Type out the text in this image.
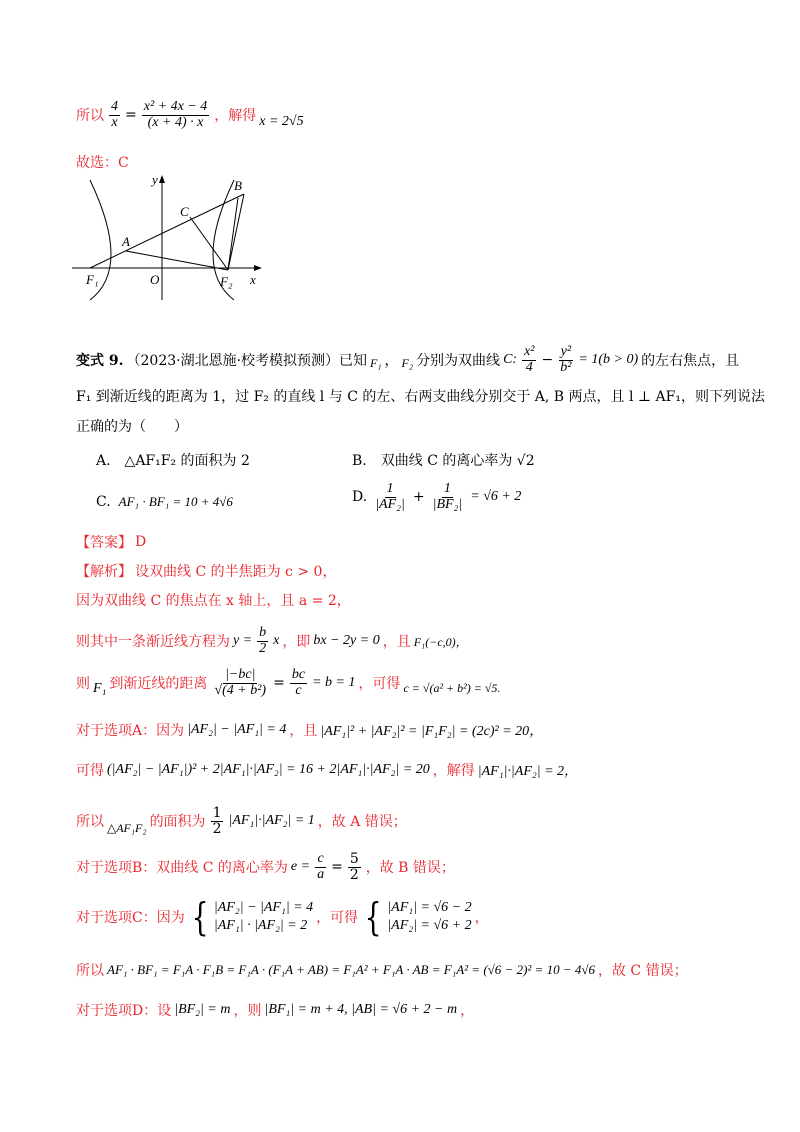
所以 $\frac{4}{x} = \frac{\text{x² + 4x − 4}}{(x + 4) \cdot x}$ ，解得 x = 2√5
故选：C
y
x
B
C
A
F₁	O	F₂
变式 9. （2023·湖北恩施·校考模拟预测）已知 F₁ ， F₂ 分别为双曲线 C: $\frac{\text{x²}}{4} - \frac{\text{y²}}{\text{b²}} = 1(b > 0)$ 的左右焦点，且
F₁ 到渐近线的距离为 1，过 F₂ 的直线 l 与 C 的左、右两支曲线分别交于 A, B 两点，且 l ⊥ AF₁，则下列说法
正确的为（　　）
A.　△AF₁F₂ 的面积为 2	B.　双曲线 C 的离心率为 √2
C. AF₁ · BF₁ = 10 + 4√6	D. $\frac{1}{\text{|AF₂|}} + \frac{1}{\text{|BF₂|}} = √6 + 2$
【答案】 D
【解析】 设双曲线 C 的半焦距为 c > 0，
因为双曲线 C 的焦点在 x 轴上，且 a = 2，
则其中一条渐近线方程为 $y = \frac{b}{2}$ x ，即 bx − 2y = 0 ，且 F₁(−c,0)，
则 F₁ 到渐近线的距离 $\frac{|-bc|}{\text{√(4 + b²)}} = \frac{bc}{c} = b = 1$ ，可得 c = √(a² + b²) = √5.
对于选项A：因为 |AF₂| − |AF₁| = 4 ，且 |AF₁|² + |AF₂|² = |F₁F₂| = (2c)² = 20，
可得 (|AF₂| − |AF₁|)² + 2|AF₁|·|AF₂| = 16 + 2|AF₁|·|AF₂| = 20 ，解得 |AF₁|·|AF₂| = 2，
所以 △AF₁F₂ 的面积为 $\frac{1}{2} |AF_1|\cdot|AF_2| = 1$ ，故 A 错误；
对于选项B：双曲线 C 的离心率为 $e = \frac{c}{a} = \frac{5}{2}$ ，故 B 错误；
对于选项C：因为 { |AF₂| − |AF₁| = 4
|AF₁| · |AF₂| = 2 ，可得 { |AF₁| = √6 − 2
|AF₂| = √6 + 2 ，
所以 AF₁ · BF₁ = F₁A · F₁B = F₁A · (F₁A + AB) = F₁A² + F₁A · AB = F₁A² = (√6 − 2)² = 10 − 4√6 ，故 C 错误；
对于选项D：设 |BF₂| = m ，则 |BF₁| = m + 4, |AB| = √6 + 2 − m ，
